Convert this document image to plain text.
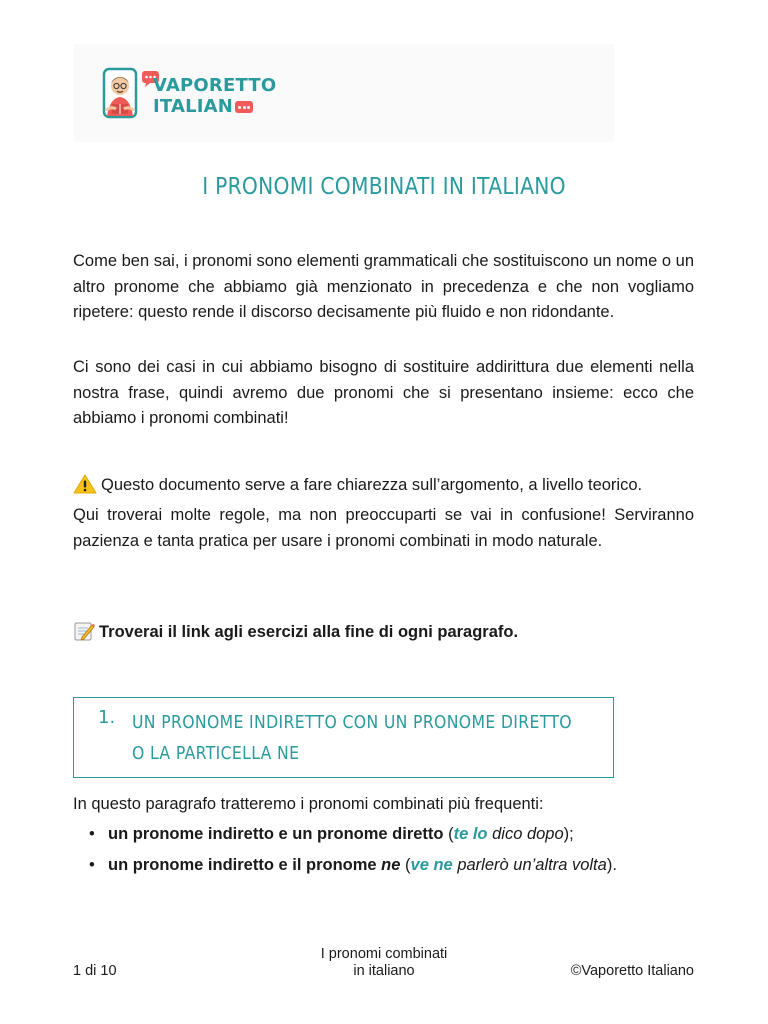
VAPORETTO
ITALIAN
I PRONOMI COMBINATI IN ITALIANO

Come ben sai, i pronomi sono elementi grammaticali che sostituiscono un nome o un altro pronome che abbiamo già menzionato in precedenza e che non vogliamo ripetere: questo rende il discorso decisamente più fluido e non ridondante.

Ci sono dei casi in cui abbiamo bisogno di sostituire addirittura due elementi nella nostra frase, quindi avremo due pronomi che si presentano insieme: ecco che abbiamo i pronomi combinati!

Questo documento serve a fare chiarezza sull’argomento, a livello teorico.

Qui troverai molte regole, ma non preoccuparti se vai in confusione! Serviranno pazienza e tanta pratica per usare i pronomi combinati in modo naturale.

Troverai il link agli esercizi alla fine di ogni paragrafo.

1. UN PRONOME INDIRETTO CON UN PRONOME DIRETTO
O LA PARTICELLA NE

In questo paragrafo tratteremo i pronomi combinati più frequenti:

• un pronome indiretto e un pronome diretto (te lo dico dopo);
• un pronome indiretto e il pronome ne (ve ne parlerò un’altra volta).
1 di 10
I pronomi combinati
in italiano	©Vaporetto Italiano
